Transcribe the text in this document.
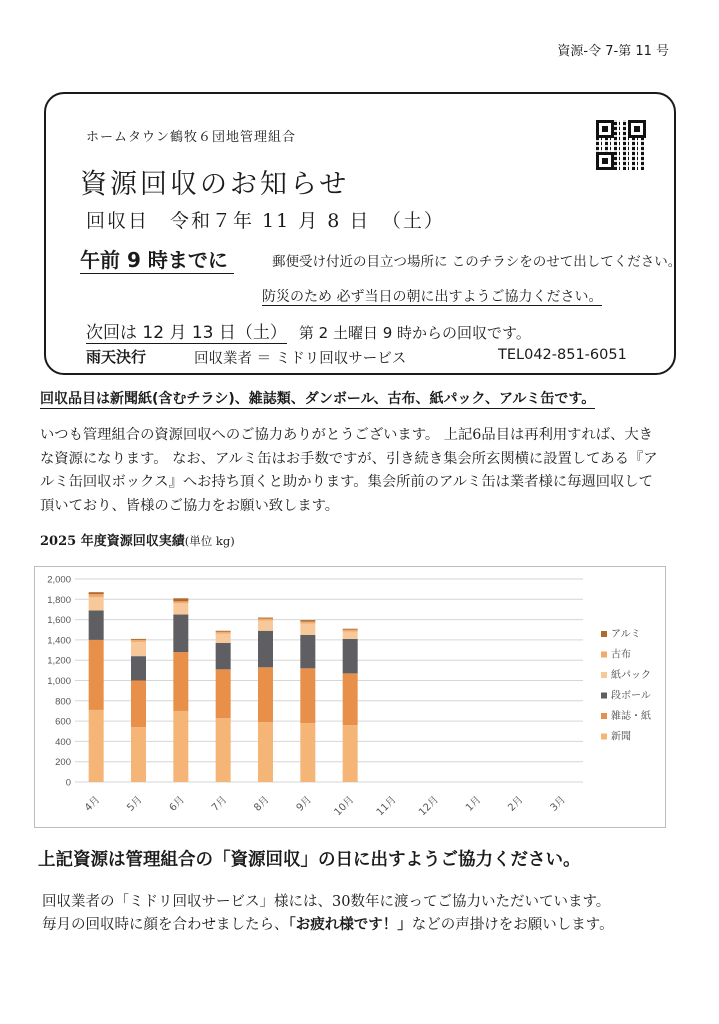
資源-令 7-第 11 号
ホームタウン鶴牧６団地管理組合
資源回収のお知らせ
回収日　令和７年 11 月 8 日　（土）
午前 9 時までに	郵便受け付近の目立つ場所に このチラシをのせて出してください。
防災のため 必ず当日の朝に出すようご協力ください。
次回は 12 月 13 日（土） 第 2 土曜日 9 時からの回収です。
雨天決行	回収業者 ＝ ミドリ回収サービス	TEL042-851-6051
回収品目は新聞紙(含むチラシ)、雑誌類、ダンボール、古布、紙パック、アルミ缶です。
いつも管理組合の資源回収へのご協力ありがとうございます。 上記6品目は再利用すれば、大きな資源になります。 なお、アルミ缶はお手数ですが、引き続き集会所玄関横に設置してある『アルミ缶回収ボックス』へお持ち頂くと助かります。集会所前のアルミ缶は業者様に毎週回収して頂いており、皆様のご協力をお願い致します。
2025 年度資源回収実績(単位 kg)
0
200
400
600
800
1,000
1,200
1,400
1,600
1,800
2,000
4月 5月 6月 7月 8月 9月 10月 11月 12月 1月 2月 3月
アルミ
古布
紙パック
段ボール
雑誌・紙
新聞
上記資源は管理組合の「資源回収」の日に出すようご協力ください。
回収業者の「ミドリ回収サービス」様には、30数年に渡ってご協力いただいています。
毎月の回収時に顔を合わせましたら、「お疲れ様です！」などの声掛けをお願いします。
